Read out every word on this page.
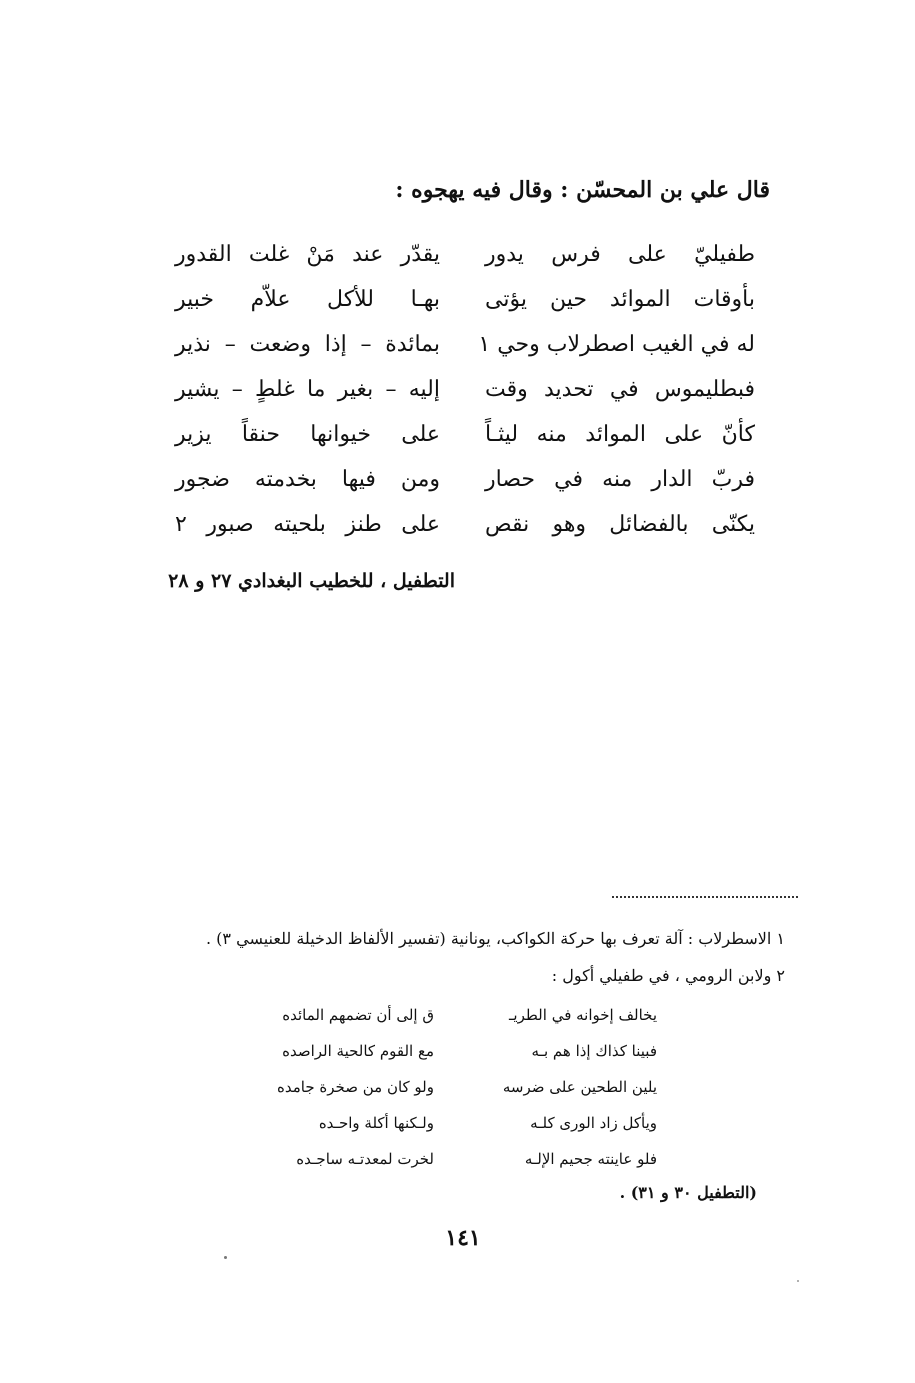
قال علي بن المحسّن : وقال فيه يهجوه :
طفيليّ على فرس يدور
يقدّر عند مَنْ غلت القدور
بأوقات الموائد حين يؤتى
بهـا للأكل علاّم خبير
له في الغيب اصطرلاب وحي ١
بمائدة – إذا وضعت – نذير
فبطليموس في تحديد وقت
إليه – بغير ما غلطٍ – يشير
كأنّ على الموائد منه ليثـاً
على خيوانها حنقاً يزير
فربّ الدار منه في حصار
ومن فيها بخدمته ضجور
يكنّى بالفضائل وهو نقص
على طنز بلحيته صبور ٢
التطفيل ، للخطيب البغدادي ٢٧ و ٢٨
١ الاسطرلاب : آلة تعرف بها حركة الكواكب، يونانية (تفسير الألفاظ الدخيلة للعنيسي ٣) .
٢ ولابن الرومي ، في طفيلي أكول :
يخالف إخوانه في الطريـ
ق إلى أن تضمهم المائده
فبينا كذاك إذا هم بـه
مع القوم كالحية الراصده
يلين الطحين على ضرسه
ولو كان من صخرة جامده
ويأكل زاد الورى كلـه
ولـكنها أكلة واحـده
فلو عاينته جحيم الإلـه
لخرت لمعدتـه ساجـده
(التطفيل ٣٠ و ٣١) .
١٤١
